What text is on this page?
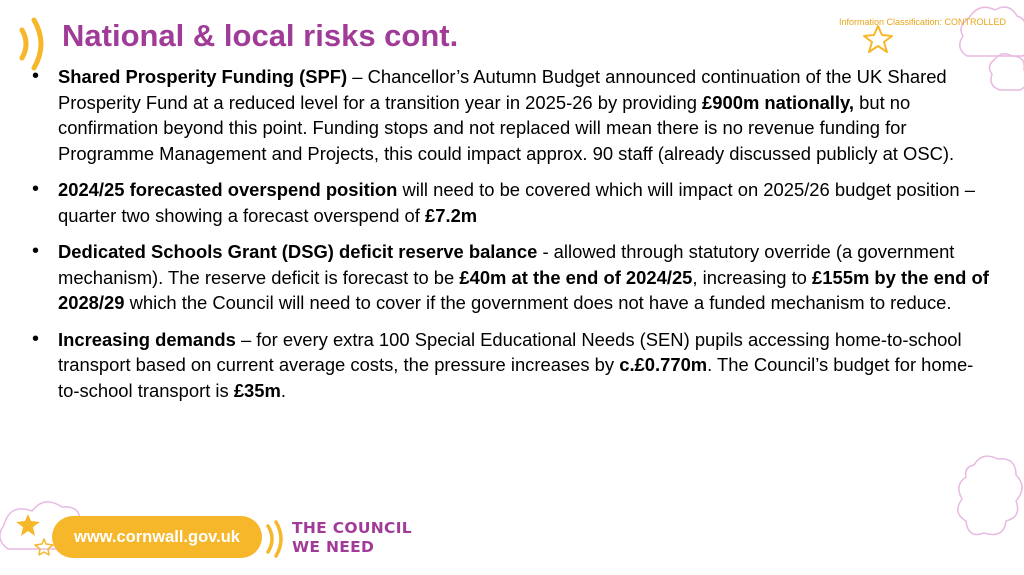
National & local risks cont.	Information Classification: CONTROLLED
• Shared Prosperity Funding (SPF) – Chancellor’s Autumn Budget announced continuation of the UK Shared Prosperity Fund at a reduced level for a transition year in 2025-26 by providing £900m nationally, but no confirmation beyond this point. Funding stops and not replaced will mean there is no revenue funding for Programme Management and Projects, this could impact approx. 90 staff (already discussed publicly at OSC).
• 2024/25 forecasted overspend position will need to be covered which will impact on 2025/26 budget position – quarter two showing a forecast overspend of £7.2m
• Dedicated Schools Grant (DSG) deficit reserve balance - allowed through statutory override (a government mechanism). The reserve deficit is forecast to be £40m at the end of 2024/25, increasing to £155m by the end of 2028/29 which the Council will need to cover if the government does not have a funded mechanism to reduce.
• Increasing demands – for every extra 100 Special Educational Needs (SEN) pupils accessing home-to-school transport based on current average costs, the pressure increases by c.£0.770m. The Council’s budget for home-to-school transport is £35m.
www.cornwall.gov.uk	THE COUNCIL
WE NEED
